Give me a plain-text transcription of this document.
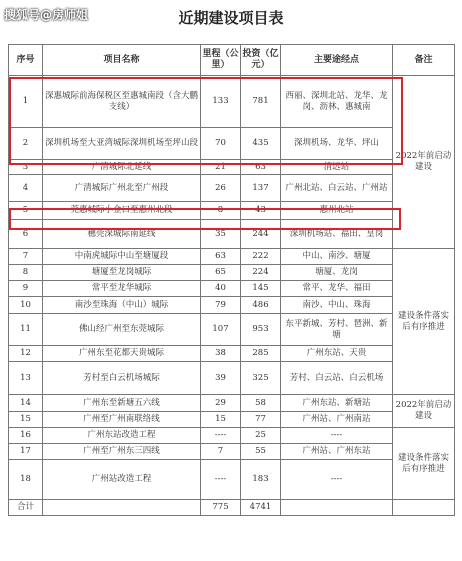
搜狐号@房师姐	近期建设项目表
序号	项目名称	里程（公里）	投资（亿元）	主要途经点	备注
1	深惠城际前海保税区至惠城南段（含大鹏支线）	133	781	西丽、深圳北站、龙华、龙岗、沥林、惠城南	2022年前启动建设
2	深圳机场至大亚湾城际深圳机场至坪山段	70	435	深圳机场、龙华、坪山	
3	广清城际北延线	21	63	清远站	
4	广清城际广州北至广州段	26	137	广州北站、白云站、广州站	
5	莞惠城际小金口至惠州北段	8	43	惠州北站	
6	穗莞深城际南延线	35	244	深圳机场站、福田、皇岗	
7	中南虎城际中山至塘厦段	63	222	中山、南沙、塘厦	建设条件落实后有序推进
8	塘厦至龙岗城际	65	224	塘厦、龙岗	
9	常平至龙华城际	40	145	常平、龙华、福田	
10	南沙至珠海（中山）城际	79	486	南沙、中山、珠海	
11	佛山经广州至东莞城际	107	953	东平新城、芳村、琶洲、新塘	
12	广州东至花都天贵城际	38	285	广州东站、天贵	
13	芳村至白云机场城际	39	325	芳村、白云站、白云机场	
14	广州东至新塘五六线	29	58	广州东站、新塘站	2022年前启动建设
15	广州至广州南联络线	15	77	广州站、广州南站	
16	广州东站改造工程	----	25	----	建设条件落实后有序推进
17	广州至广州东三四线	7	55	广州站、广州东站	
18	广州站改造工程	----	183	----	
合计		775	4741		
